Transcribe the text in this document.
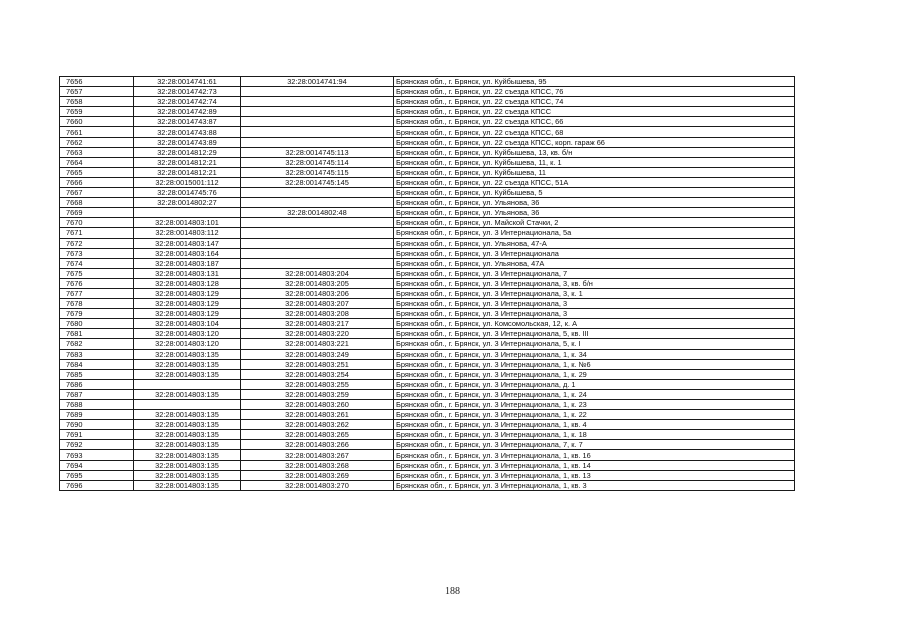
7656	32:28:0014741:61	32:28:0014741:94	Брянская обл., г. Брянск, ул. Куйбышева, 95
7657	32:28:0014742:73		Брянская обл., г. Брянск, ул. 22 съезда КПСС, 76
7658	32:28:0014742:74		Брянская обл., г. Брянск, ул. 22 съезда КПСС, 74
7659	32:28:0014742:89		Брянская обл., г. Брянск, ул. 22 съезда КПСС
7660	32:28:0014743:87		Брянская обл., г. Брянск, ул. 22 съезда КПСС, 66
7661	32:28:0014743:88		Брянская обл., г. Брянск, ул. 22 съезда КПСС, 68
7662	32:28:0014743:89		Брянская обл., г. Брянск, ул. 22 съезда КПСС, корп. гараж 66
7663	32:28:0014812:29	32:28:0014745:113	Брянская обл., г. Брянск, ул. Куйбышева, 13, кв. б/н
7664	32:28:0014812:21	32:28:0014745:114	Брянская обл., г. Брянск, ул. Куйбышева, 11, к. 1
7665	32:28:0014812:21	32:28:0014745:115	Брянская обл., г. Брянск, ул. Куйбышева, 11
7666	32:28:0015001:112	32:28:0014745:145	Брянская обл., г. Брянск, ул. 22 съезда КПСС, 51А
7667	32:28:0014745:76		Брянская обл., г. Брянск, ул. Куйбышева, 5
7668	32:28:0014802:27		Брянская обл., г. Брянск, ул. Ульянова, 36
7669		32:28:0014802:48	Брянская обл., г. Брянск, ул. Ульянова, 36
7670	32:28:0014803:101		Брянская обл., г. Брянск, ул. Майской Стачки, 2
7671	32:28:0014803:112		Брянская обл., г. Брянск, ул. 3 Интернационала, 5а
7672	32:28:0014803:147		Брянская обл., г. Брянск, ул. Ульянова, 47-А
7673	32:28:0014803:164		Брянская обл., г. Брянск, ул. 3 Интернационала
7674	32:28:0014803:187		Брянская обл., г. Брянск, ул. Ульянова, 47А
7675	32:28:0014803:131	32:28:0014803:204	Брянская обл., г. Брянск, ул. 3 Интернационала, 7
7676	32:28:0014803:128	32:28:0014803:205	Брянская обл., г. Брянск, ул. 3 Интернационала, 3, кв. б/н
7677	32:28:0014803:129	32:28:0014803:206	Брянская обл., г. Брянск, ул. 3 Интернационала, 3, к. 1
7678	32:28:0014803:129	32:28:0014803:207	Брянская обл., г. Брянск, ул. 3 Интернационала, 3
7679	32:28:0014803:129	32:28:0014803:208	Брянская обл., г. Брянск, ул. 3 Интернационала, 3
7680	32:28:0014803:104	32:28:0014803:217	Брянская обл., г. Брянск, ул. Комсомольская, 12, к. А
7681	32:28:0014803:120	32:28:0014803:220	Брянская обл., г. Брянск, ул. 3 Интернационала, 5, кв. III
7682	32:28:0014803:120	32:28:0014803:221	Брянская обл., г. Брянск, ул. 3 Интернационала, 5, к. I
7683	32:28:0014803:135	32:28:0014803:249	Брянская обл., г. Брянск, ул. 3 Интернационала, 1, к. 34
7684	32:28:0014803:135	32:28:0014803:251	Брянская обл., г. Брянск, ул. 3 Интернационала, 1, к. №6
7685	32:28:0014803:135	32:28:0014803:254	Брянская обл., г. Брянск, ул. 3 Интернационала, 1, к. 29
7686		32:28:0014803:255	Брянская обл., г. Брянск, ул. 3 Интернационала, д. 1
7687	32:28:0014803:135	32:28:0014803:259	Брянская обл., г. Брянск, ул. 3 Интернационала, 1, к. 24
7688		32:28:0014803:260	Брянская обл., г. Брянск, ул. 3 Интернационала, 1, к. 23
7689	32:28:0014803:135	32:28:0014803:261	Брянская обл., г. Брянск, ул. 3 Интернационала, 1, к. 22
7690	32:28:0014803:135	32:28:0014803:262	Брянская обл., г. Брянск, ул. 3 Интернационала, 1, кв. 4
7691	32:28:0014803:135	32:28:0014803:265	Брянская обл., г. Брянск, ул. 3 Интернационала, 1, к. 18
7692	32:28:0014803:135	32:28:0014803:266	Брянская обл., г. Брянск, ул. 3 Интернационала, 7, к. 7
7693	32:28:0014803:135	32:28:0014803:267	Брянская обл., г. Брянск, ул. 3 Интернационала, 1, кв. 16
7694	32:28:0014803:135	32:28:0014803:268	Брянская обл., г. Брянск, ул. 3 Интернационала, 1, кв. 14
7695	32:28:0014803:135	32:28:0014803:269	Брянская обл., г. Брянск, ул. 3 Интернационала, 1, кв. 13
7696	32:28:0014803:135	32:28:0014803:270	Брянская обл., г. Брянск, ул. 3 Интернационала, 1, кв. 3
188
